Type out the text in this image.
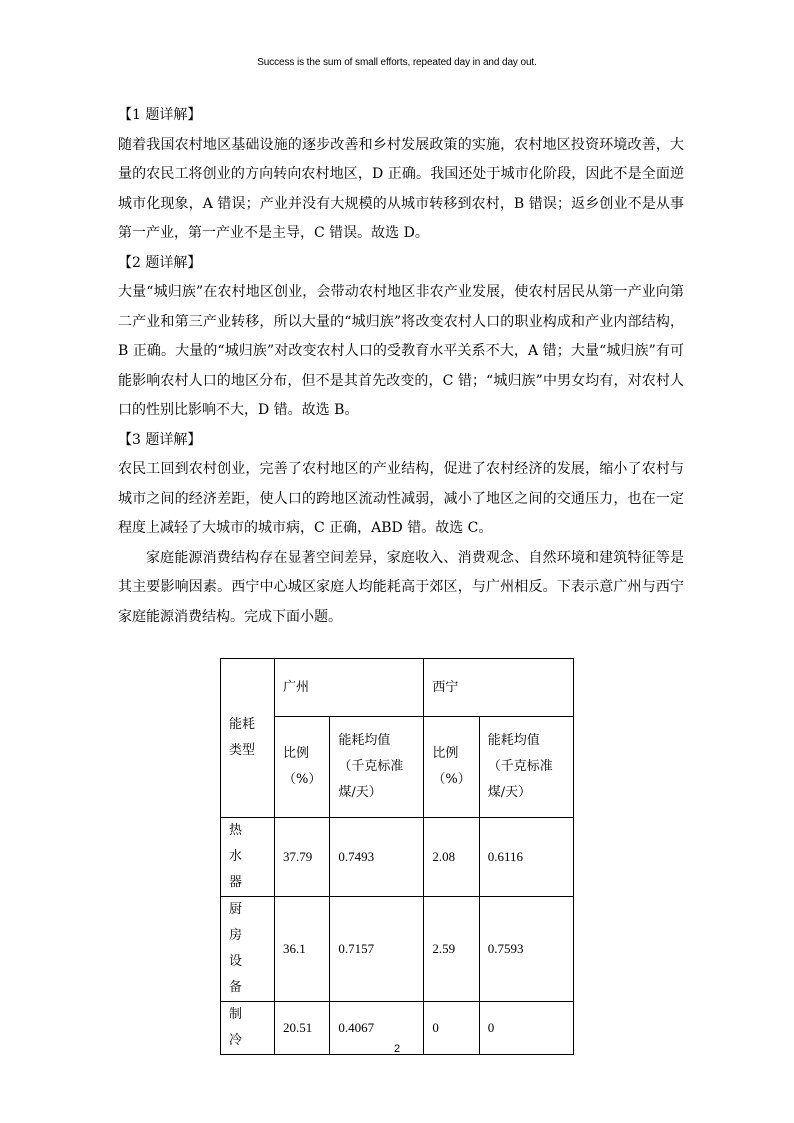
Success is the sum of small efforts, repeated day in and day out.

【1 题详解】

随着我国农村地区基础设施的逐步改善和乡村发展政策的实施，农村地区投资环境改善，大量的农民工将创业的方向转向农村地区，D 正确。我国还处于城市化阶段，因此不是全面逆城市化现象，A 错误；产业并没有大规模的从城市转移到农村，B 错误；返乡创业不是从事第一产业，第一产业不是主导，C 错误。故选 D。

【2 题详解】

大量“城归族”在农村地区创业，会带动农村地区非农产业发展，使农村居民从第一产业向第二产业和第三产业转移，所以大量的“城归族”将改变农村人口的职业构成和产业内部结构，B 正确。大量的“城归族”对改变农村人口的受教育水平关系不大，A 错；大量“城归族”有可能影响农村人口的地区分布，但不是其首先改变的，C 错；“城归族”中男女均有，对农村人口的性别比影响不大，D 错。故选 B。

【3 题详解】

农民工回到农村创业，完善了农村地区的产业结构，促进了农村经济的发展，缩小了农村与城市之间的经济差距，使人口的跨地区流动性减弱，减小了地区之间的交通压力，也在一定程度上减轻了大城市的城市病，C 正确，ABD 错。故选 C。

家庭能源消费结构存在显著空间差异，家庭收入、消费观念、自然环境和建筑特征等是其主要影响因素。西宁中心城区家庭人均能耗高于郊区，与广州相反。下表示意广州与西宁家庭能源消费结构。完成下面小题。

能耗类型	广州		西宁	
	比例（%）	能耗均值（千克标准煤/天）	比例（%）	能耗均值（千克标准煤/天）
热水器	37.79	0.7493	2.08	0.6116
厨房设备	36.1	0.7157	2.59	0.7593
制冷	20.51	0.4067	0	0
2
